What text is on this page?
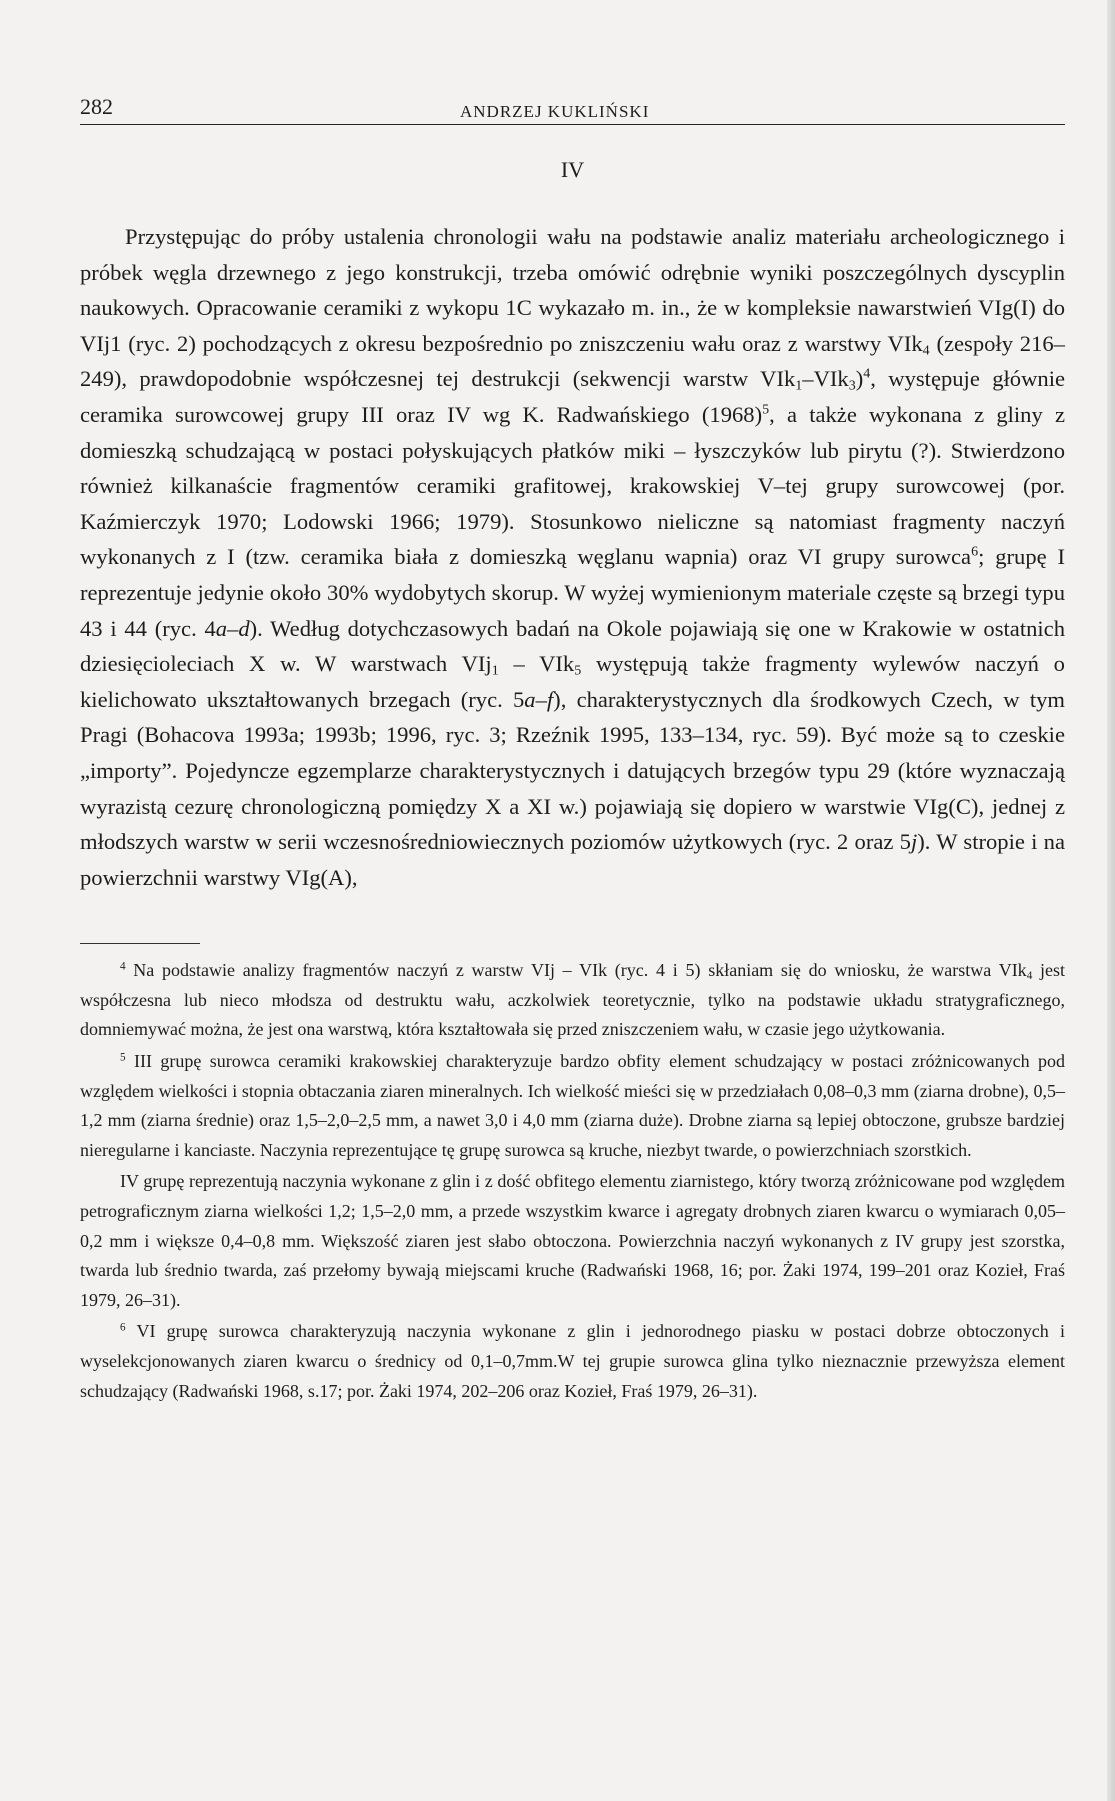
282	ANDRZEJ KUKLIŃSKI
IV

Przystępując do próby ustalenia chronologii wału na podstawie analiz materiału archeologicznego i próbek węgla drzewnego z jego konstrukcji, trzeba omówić odrębnie wyniki poszczególnych dyscyplin naukowych. Opracowanie ceramiki z wykopu 1C wykazało m. in., że w kompleksie nawarstwień VIg(I) do VIj1 (ryc. 2) pochodzących z okresu bezpośrednio po zniszczeniu wału oraz z warstwy VIk$_4$ (zespoły 216–249), prawdopodobnie współczesnej tej destrukcji (sekwencji warstw VIk$_1$–VIk$_3$)$^4$, występuje głównie ceramika surowcowej grupy III oraz IV wg K. Radwańskiego $(1968)^5$, a także wykonana z gliny z domieszką schudzającą w postaci połyskujących płatków miki – łyszczyków lub pirytu (?). Stwierdzono również kilkanaście fragmentów ceramiki grafitowej, krakowskiej V–tej grupy surowcowej (por. Kaźmierczyk 1970; Lodowski 1966; 1979). Stosunkowo nieliczne są natomiast fragmenty naczyń wykonanych z I (tzw. ceramika biała z domieszką węglanu wapnia) oraz VI grupy surowca$^6$; grupę I reprezentuje jedynie około 30% wydobytych skorup. W wyżej wymienionym materiale częste są brzegi typu 43 i 44 (ryc. 4a–d). Według dotychczasowych badań na Okole pojawiają się one w Krakowie w ostatnich dziesięcioleciach X w. W warstwach VIj$_1$ – VIk$_5$ występują także fragmenty wylewów naczyń o kielichowato ukształtowanych brzegach (ryc. 5a–f), charakterystycznych dla środkowych Czech, w tym Pragi (Bohacova 1993a; 1993b; 1996, ryc. 3; Rzeźnik 1995, 133–134, ryc. 59). Być może są to czeskie „importy”. Pojedyncze egzemplarze charakterystycznych i datujących brzegów typu 29 (które wyznaczają wyrazistą cezurę chronologiczną pomiędzy X a XI w.) pojawiają się dopiero w warstwie VIg(C), jednej z młodszych warstw w serii wczesnośredniowiecznych poziomów użytkowych (ryc. 2 oraz 5j). W stropie i na powierzchnii warstwy VIg(A),

$^4$ Na podstawie analizy fragmentów naczyń z warstw VIj – VIk (ryc. 4 i 5) skłaniam się do wniosku, że warstwa VIk$_4$ jest współczesna lub nieco młodsza od destruktu wału, aczkolwiek teoretycznie, tylko na podstawie układu stratygraficznego, domniemywać można, że jest ona warstwą, która kształtowała się przed zniszczeniem wału, w czasie jego użytkowania.

$^5$ III grupę surowca ceramiki krakowskiej charakteryzuje bardzo obfity element schudzający w postaci zróżnicowanych pod względem wielkości i stopnia obtaczania ziaren mineralnych. Ich wielkość mieści się w przedziałach 0,08–0,3 mm (ziarna drobne), 0,5–1,2 mm (ziarna średnie) oraz 1,5–2,0–2,5 mm, a nawet 3,0 i 4,0 mm (ziarna duże). Drobne ziarna są lepiej obtoczone, grubsze bardziej nieregularne i kanciaste. Naczynia reprezentujące tę grupę surowca są kruche, niezbyt twarde, o powierzchniach szorstkich.

IV grupę reprezentują naczynia wykonane z glin i z dość obfitego elementu ziarnistego, który tworzą zróżnicowane pod względem petrograficznym ziarna wielkości 1,2; 1,5–2,0 mm, a przede wszystkim kwarce i agregaty drobnych ziaren kwarcu o wymiarach 0,05–0,2 mm i większe 0,4–0,8 mm. Większość ziaren jest słabo obtoczona. Powierzchnia naczyń wykonanych z IV grupy jest szorstka, twarda lub średnio twarda, zaś przełomy bywają miejscami kruche (Radwański 1968, 16; por. Żaki 1974, 199–201 oraz Kozieł, Fraś 1979, 26–31).

$^6$ VI grupę surowca charakteryzują naczynia wykonane z glin i jednorodnego piasku w postaci dobrze obtoczonych i wyselekcjonowanych ziaren kwarcu o średnicy od 0,1–0,7mm.W tej grupie surowca glina tylko nieznacznie przewyższa element schudzający (Radwański 1968, s.17; por. Żaki 1974, 202–206 oraz Kozieł, Fraś 1979, 26–31).
